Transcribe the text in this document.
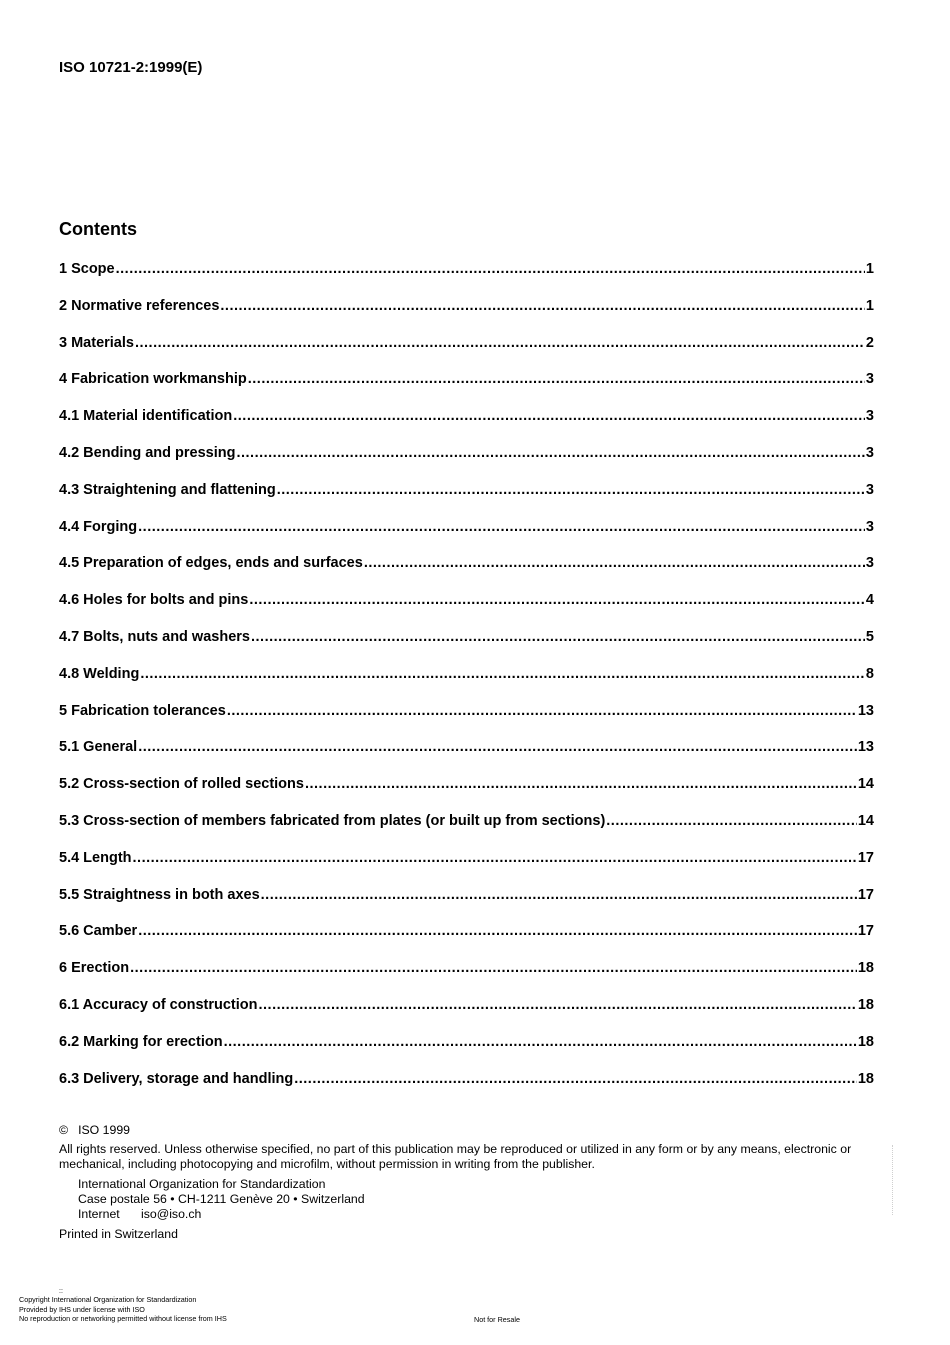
ISO 10721-2:1999(E)
Contents
1 Scope .....	1
2 Normative references .....	1
3 Materials .....	2
4 Fabrication workmanship .....	3
4.1 Material identification .....	3
4.2 Bending and pressing .....	3
4.3 Straightening and flattening .....	3
4.4 Forging .....	3
4.5 Preparation of edges, ends and surfaces .....	3
4.6 Holes for bolts and pins .....	4
4.7 Bolts, nuts and washers .....	5
4.8 Welding .....	8
5 Fabrication tolerances .....	13
5.1 General .....	13
5.2 Cross-section of rolled sections .....	14
5.3 Cross-section of members fabricated from plates (or built up from sections) .....	14
5.4 Length .....	17
5.5 Straightness in both axes .....	17
5.6 Camber .....	17
6 Erection .....	18
6.1 Accuracy of construction .....	18
6.2 Marking for erection .....	18
6.3 Delivery, storage and handling .....	18
© ISO 1999
All rights reserved. Unless otherwise specified, no part of this publication may be reproduced or utilized in any form or by any means, electronic or mechanical, including photocopying and microfilm, without permission in writing from the publisher.
International Organization for Standardization
Case postale 56 • CH-1211 Genève 20 • Switzerland
Internet iso@iso.ch
Printed in Switzerland
::
Copyright International Organization for Standardization
Provided by IHS under license with ISO
No reproduction or networking permitted without license from IHS	Not for Resale
